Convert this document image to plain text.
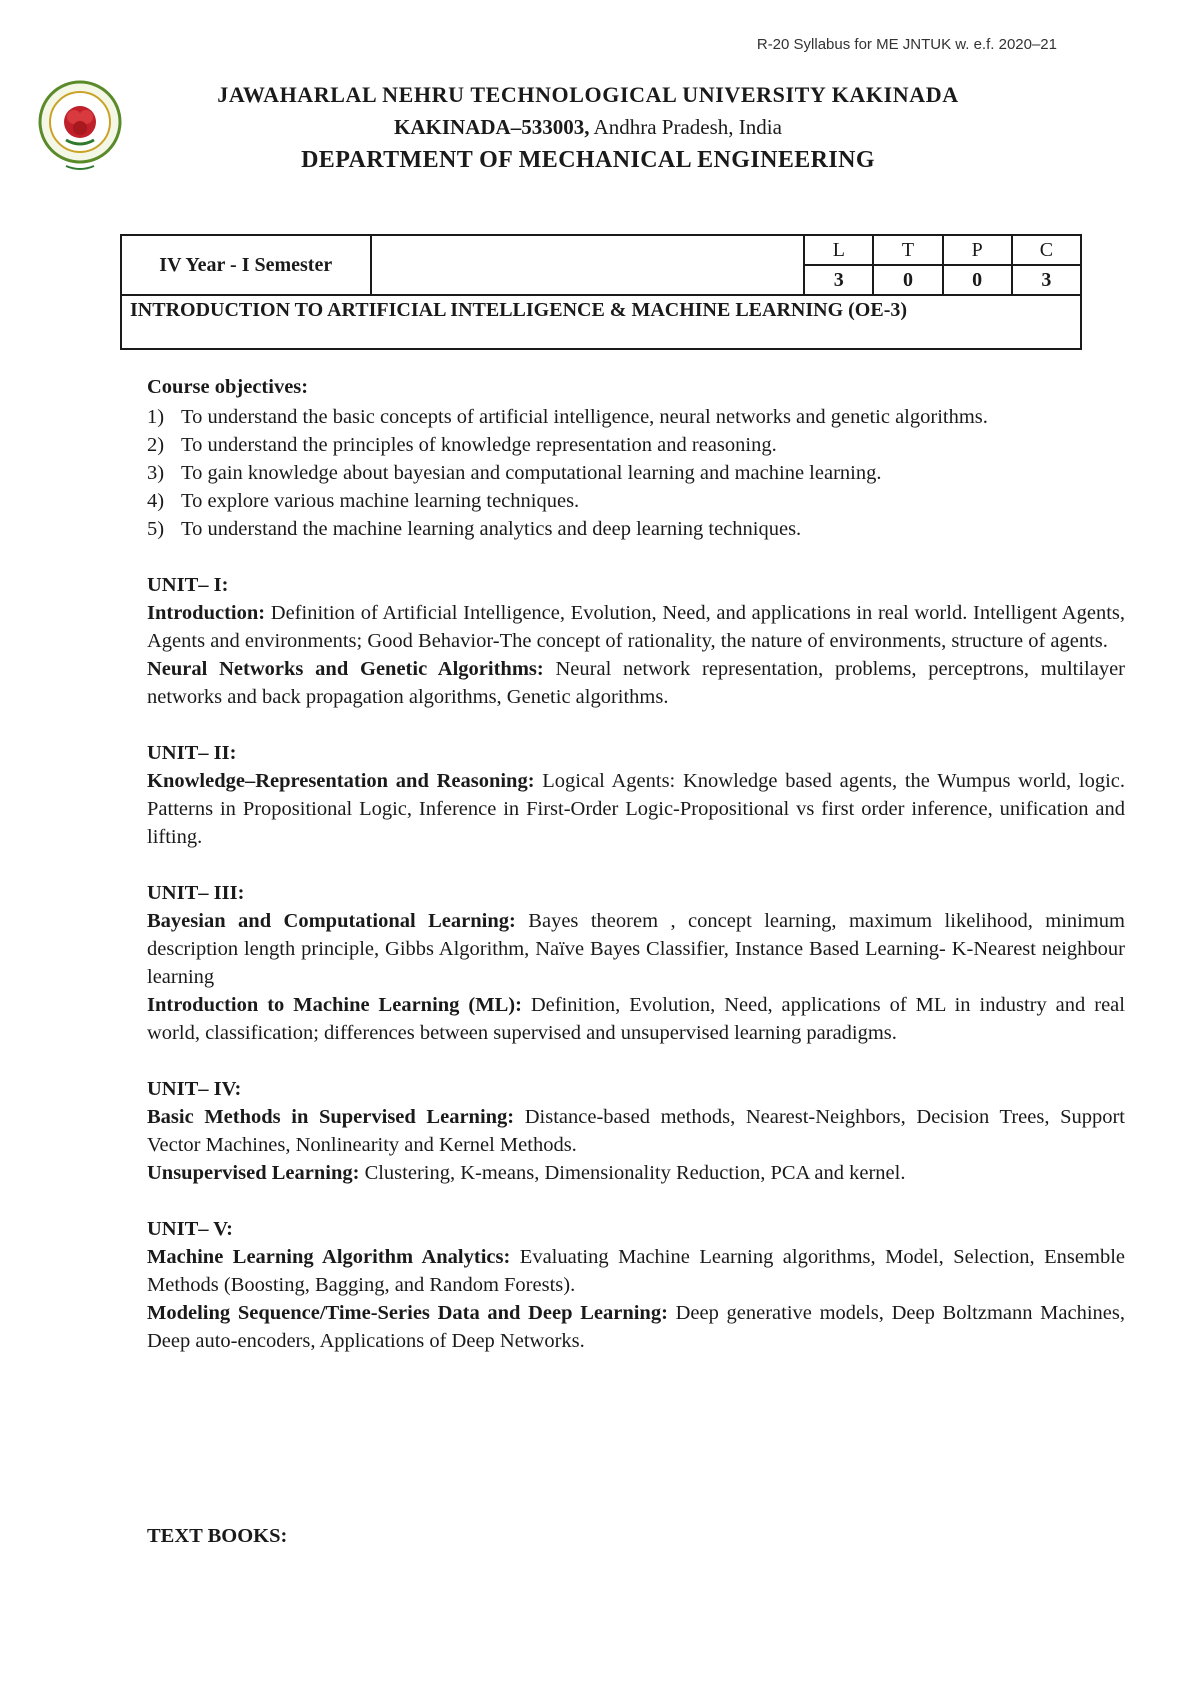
R-20 Syllabus for ME JNTUK w. e.f. 2020–21
JAWAHARLAL NEHRU TECHNOLOGICAL UNIVERSITY KAKINADA
KAKINADA–533003, Andhra Pradesh, India
DEPARTMENT OF MECHANICAL ENGINEERING
IV Year - I Semester		L	T	P	C
		3	0	0	3
INTRODUCTION TO ARTIFICIAL INTELLIGENCE & MACHINE LEARNING (OE-3)					
Course objectives:
1) To understand the basic concepts of artificial intelligence, neural networks and genetic algorithms.
2) To understand the principles of knowledge representation and reasoning.
3) To gain knowledge about bayesian and computational learning and machine learning.
4) To explore various machine learning techniques.
5) To understand the machine learning analytics and deep learning techniques.
UNIT– I:
Introduction: Definition of Artificial Intelligence, Evolution, Need, and applications in real world. Intelligent Agents, Agents and environments; Good Behavior-The concept of rationality, the nature of environments, structure of agents.
Neural Networks and Genetic Algorithms: Neural network representation, problems, perceptrons, multilayer networks and back propagation algorithms, Genetic algorithms.
UNIT– II:
Knowledge–Representation and Reasoning: Logical Agents: Knowledge based agents, the Wumpus world, logic. Patterns in Propositional Logic, Inference in First-Order Logic-Propositional vs first order inference, unification and lifting.
UNIT– III:
Bayesian and Computational Learning: Bayes theorem , concept learning, maximum likelihood, minimum description length principle, Gibbs Algorithm, Naïve Bayes Classifier, Instance Based Learning- K-Nearest neighbour learning
Introduction to Machine Learning (ML): Definition, Evolution, Need, applications of ML in industry and real world, classification; differences between supervised and unsupervised learning paradigms.
UNIT– IV:
Basic Methods in Supervised Learning: Distance-based methods, Nearest-Neighbors, Decision Trees, Support Vector Machines, Nonlinearity and Kernel Methods.
Unsupervised Learning: Clustering, K-means, Dimensionality Reduction, PCA and kernel.
UNIT– V:
Machine Learning Algorithm Analytics: Evaluating Machine Learning algorithms, Model, Selection, Ensemble Methods (Boosting, Bagging, and Random Forests).
Modeling Sequence/Time-Series Data and Deep Learning: Deep generative models, Deep Boltzmann Machines, Deep auto-encoders, Applications of Deep Networks.
TEXT BOOKS:
